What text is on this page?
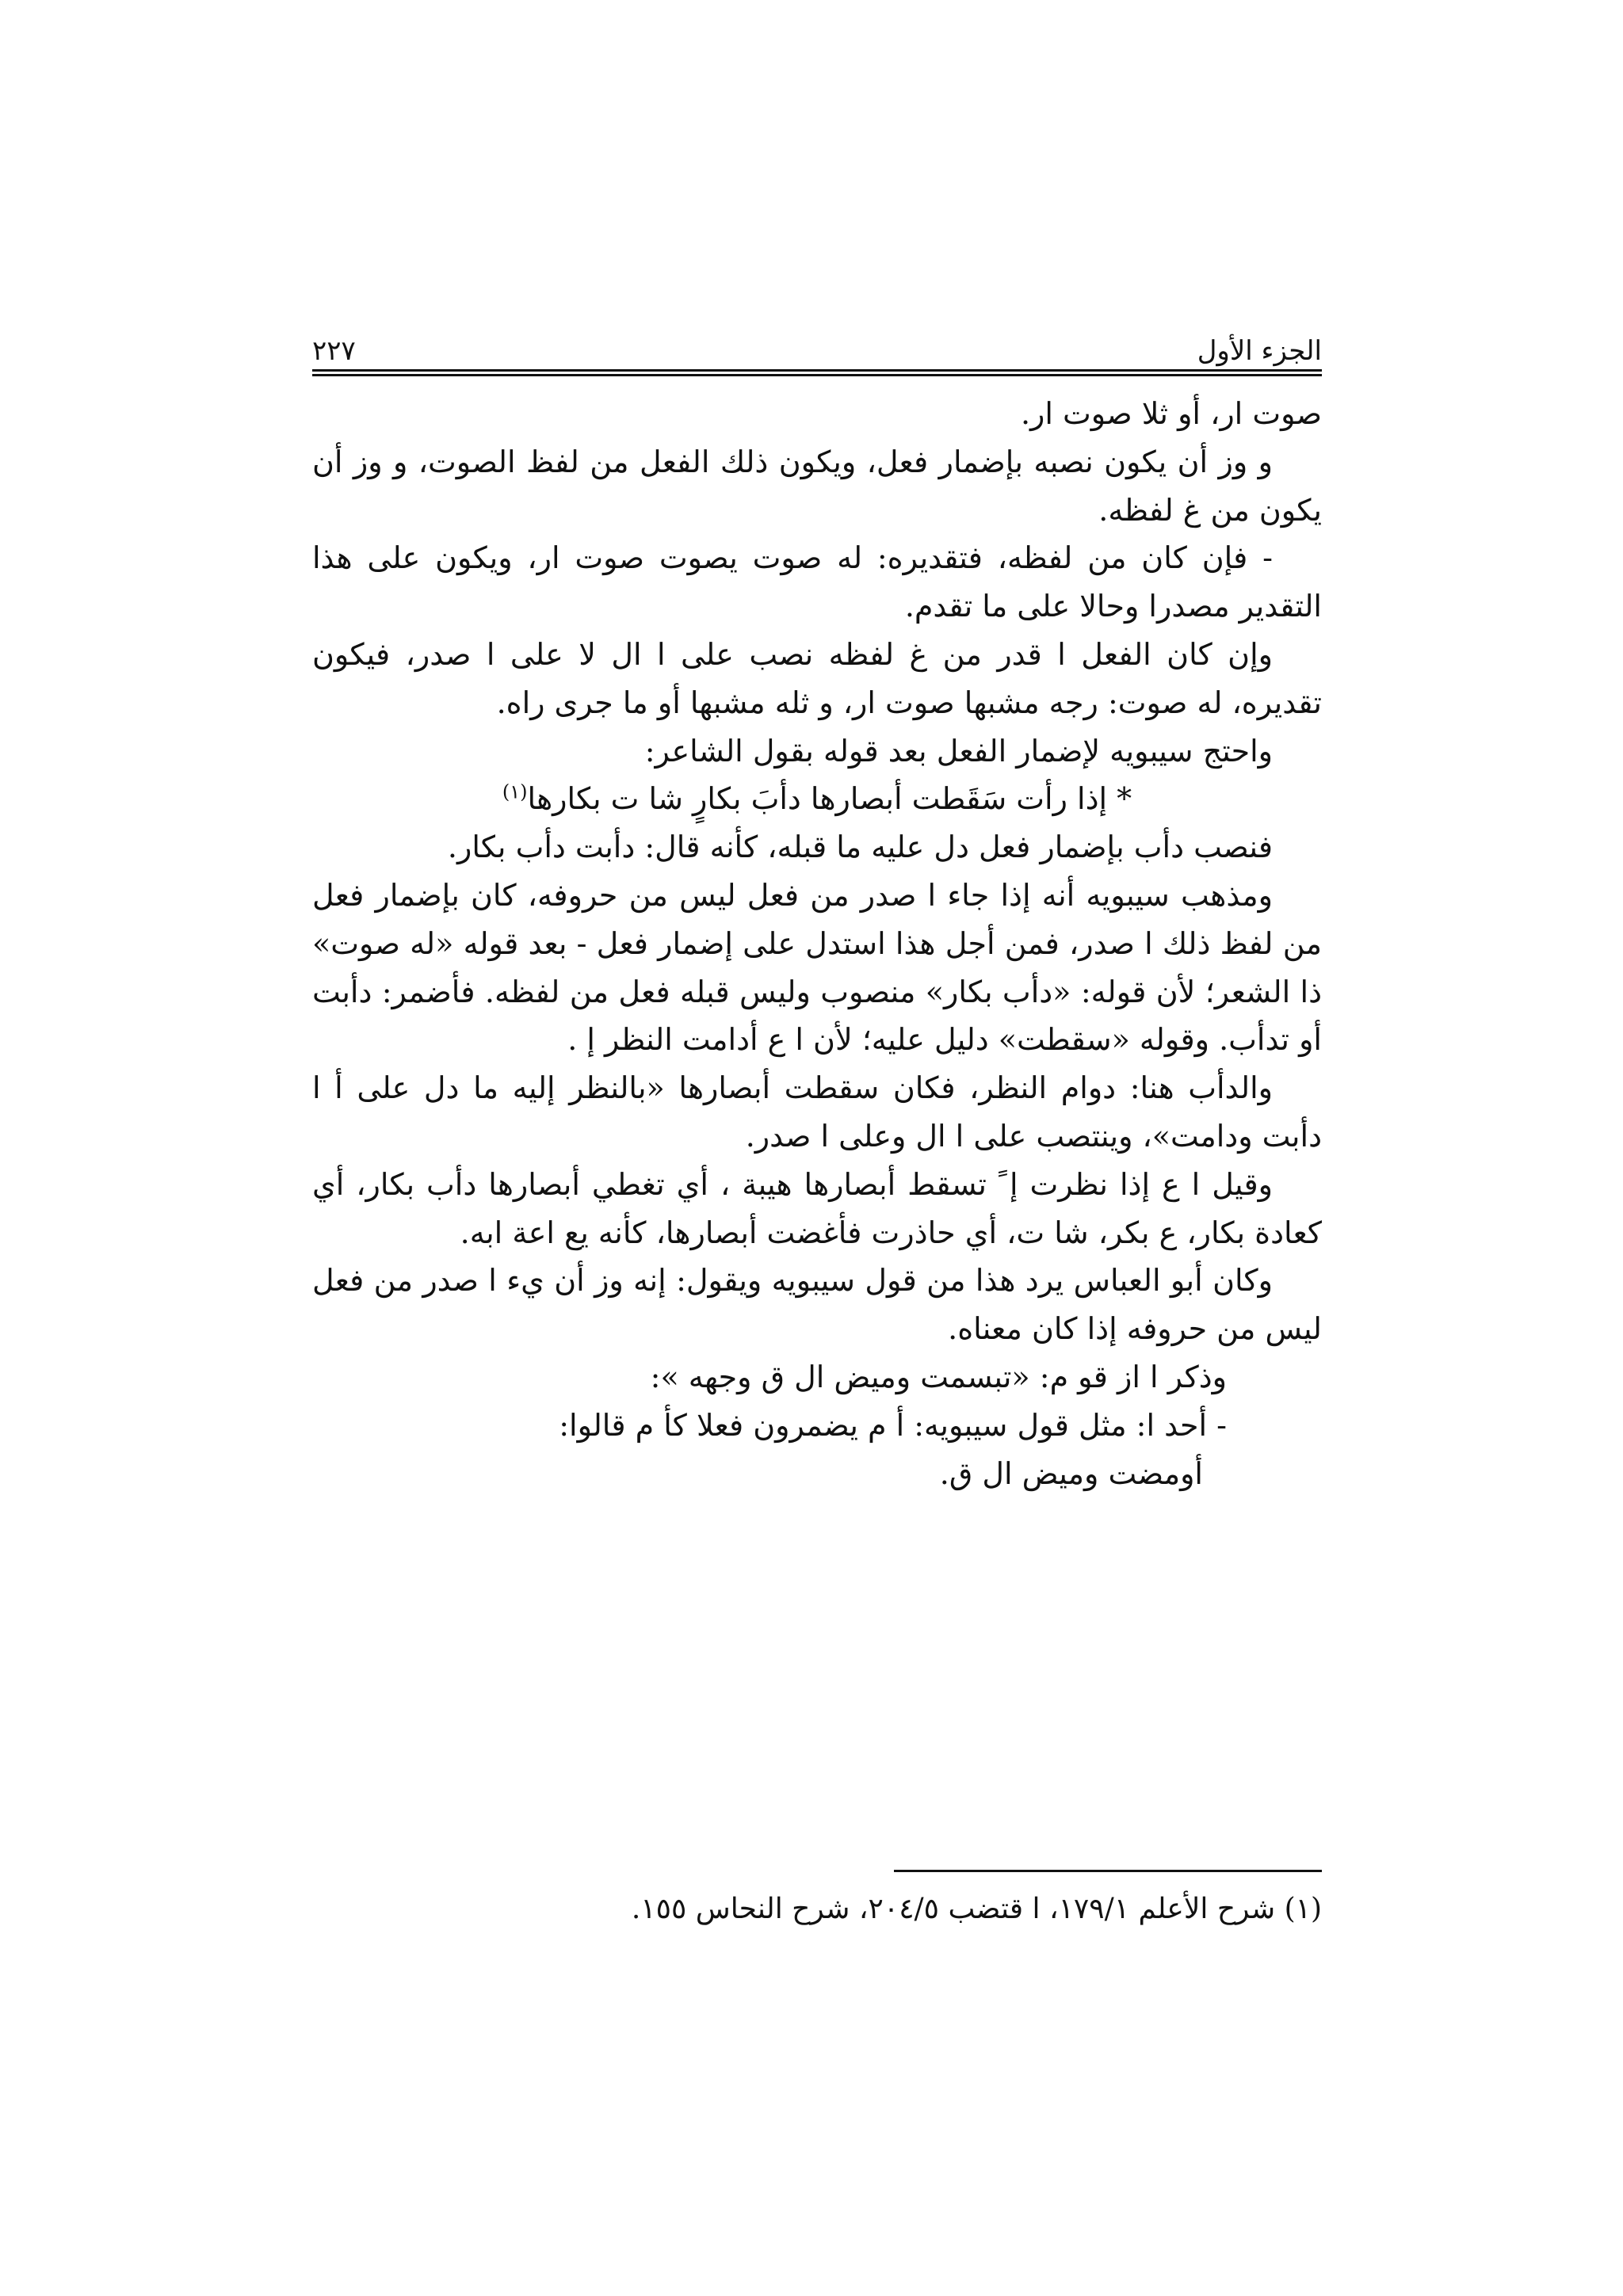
الجزء الأول
٢٢٧

صوت ار، أو ثلا صوت ار.

و وز أن يكون نصبه بإضمار فعل، ويكون ذلك الفعل من لفظ الصوت، و وز أن يكون من غ لفظه.

- فإن كان من لفظه، فتقديره: له صوت يصوت صوت ار، ويكون على هذا التقدير مصدرا وحالا على ما تقدم.

وإن كان الفعل ا قدر من غ لفظه نصب على ا ال لا على ا صدر، فيكون تقديره، له صوت: رجه مشبها صوت ار، و ثله مشبها أو ما جرى راه.

واحتج سيبويه لإضمار الفعل بعد قوله بقول الشاعر:

* إذا رأت سَقَطت أبصارها دأبَ بكارٍ شا ت بكارها$^{(١)}$

فنصب دأب بإضمار فعل دل عليه ما قبله، كأنه قال: دأبت دأب بكار.

ومذهب سيبويه أنه إذا جاء ا صدر من فعل ليس من حروفه، كان بإضمار فعل من لفظ ذلك ا صدر، فمن أجل هذا استدل على إضمار فعل - بعد قوله «له صوت» ذا الشعر؛ لأن قوله: «دأب بكار» منصوب وليس قبله فعل من لفظه. فأضمر: دأبت أو تدأب. وقوله «سقطت» دليل عليه؛ لأن ا ع أدامت النظر إ .

والدأب هنا: دوام النظر، فكان سقطت أبصارها «بالنظر إليه ما دل على أ ا دأبت ودامت»، وينتصب على ا ال وعلى ا صدر.

وقيل ا ع إذا نظرت إ ً تسقط أبصارها هيبة ، أي تغطي أبصارها دأب بكار، أي كعادة بكار، ع بكر، شا ت، أي حاذرت فأغضت أبصارها، كأنه يع اعة ابه.

وكان أبو العباس يرد هذا من قول سيبويه ويقول: إنه وز أن يء ا صدر من فعل ليس من حروفه إذا كان معناه.

وذكر ا از قو م: «تبسمت وميض ال ق وجهه »:

- أحد ا: مثل قول سيبويه: أ م يضمرون فعلا كأ م قالوا:

أومضت وميض ال ق.

(١) شرح الأعلم ١٧٩/١، ا قتضب ٢٠٤/٥، شرح النحاس ١٥٥.
